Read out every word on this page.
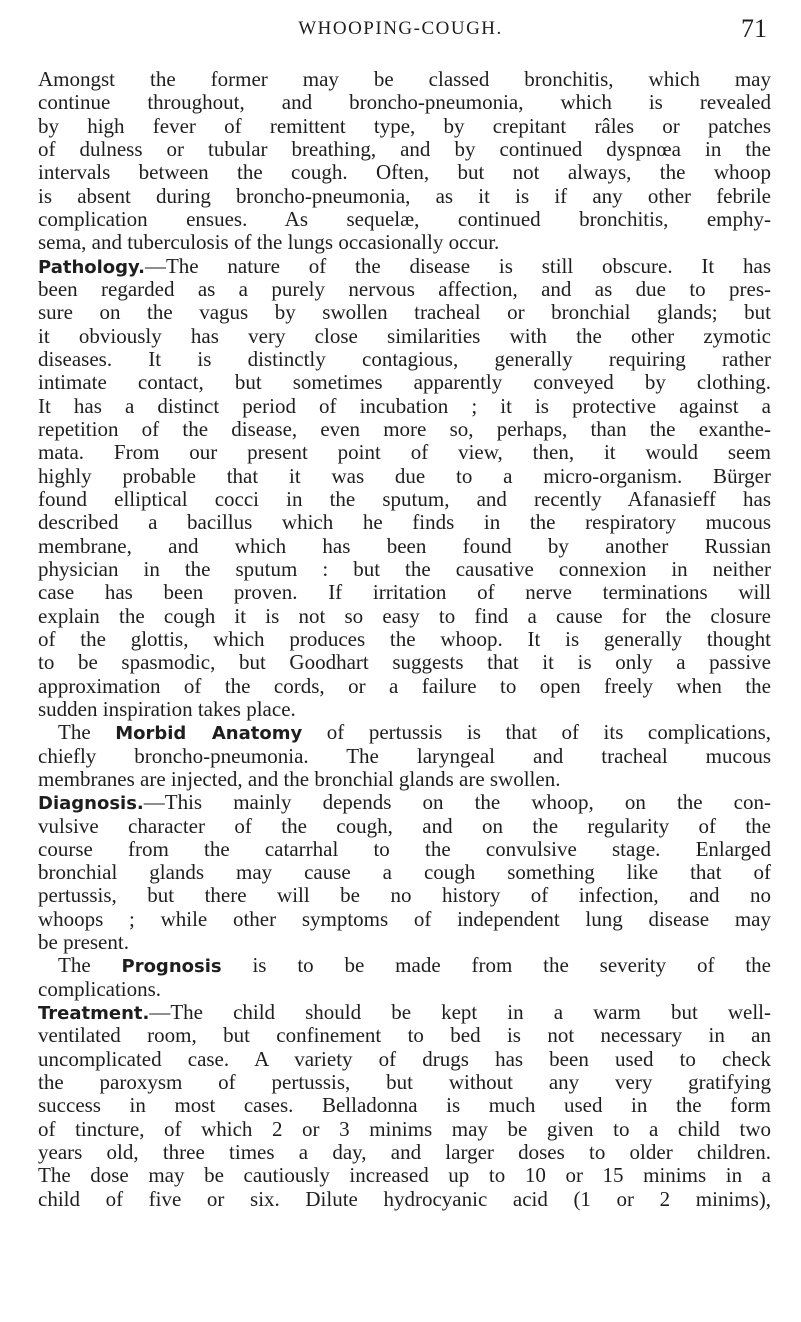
WHOOPING-COUGH.	71
Amongst the former may be classed bronchitis, which may
continue throughout, and broncho-pneumonia, which is revealed
by high fever of remittent type, by crepitant râles or patches
of dulness or tubular breathing, and by continued dyspnœa in the
intervals between the cough. Often, but not always, the whoop
is absent during broncho-pneumonia, as it is if any other febrile
complication ensues. As sequelæ, continued bronchitis, emphy-
sema, and tuberculosis of the lungs occasionally occur.
Pathology.—The nature of the disease is still obscure. It has
been regarded as a purely nervous affection, and as due to pres-
sure on the vagus by swollen tracheal or bronchial glands; but
it obviously has very close similarities with the other zymotic
diseases. It is distinctly contagious, generally requiring rather
intimate contact, but sometimes apparently conveyed by clothing.
It has a distinct period of incubation ; it is protective against a
repetition of the disease, even more so, perhaps, than the exanthe-
mata. From our present point of view, then, it would seem
highly probable that it was due to a micro-organism. Bürger
found elliptical cocci in the sputum, and recently Afanasieff has
described a bacillus which he finds in the respiratory mucous
membrane, and which has been found by another Russian
physician in the sputum : but the causative connexion in neither
case has been proven. If irritation of nerve terminations will
explain the cough it is not so easy to find a cause for the closure
of the glottis, which produces the whoop. It is generally thought
to be spasmodic, but Goodhart suggests that it is only a passive
approximation of the cords, or a failure to open freely when the
sudden inspiration takes place.
The Morbid Anatomy of pertussis is that of its complications,
chiefly broncho-pneumonia. The laryngeal and tracheal mucous
membranes are injected, and the bronchial glands are swollen.
Diagnosis.—This mainly depends on the whoop, on the con-
vulsive character of the cough, and on the regularity of the
course from the catarrhal to the convulsive stage. Enlarged
bronchial glands may cause a cough something like that of
pertussis, but there will be no history of infection, and no
whoops ; while other symptoms of independent lung disease may
be present.
The Prognosis is to be made from the severity of the
complications.
Treatment.—The child should be kept in a warm but well-
ventilated room, but confinement to bed is not necessary in an
uncomplicated case. A variety of drugs has been used to check
the paroxysm of pertussis, but without any very gratifying
success in most cases. Belladonna is much used in the form
of tincture, of which 2 or 3 minims may be given to a child two
years old, three times a day, and larger doses to older children.
The dose may be cautiously increased up to 10 or 15 minims in a
child of five or six. Dilute hydrocyanic acid (1 or 2 minims),
